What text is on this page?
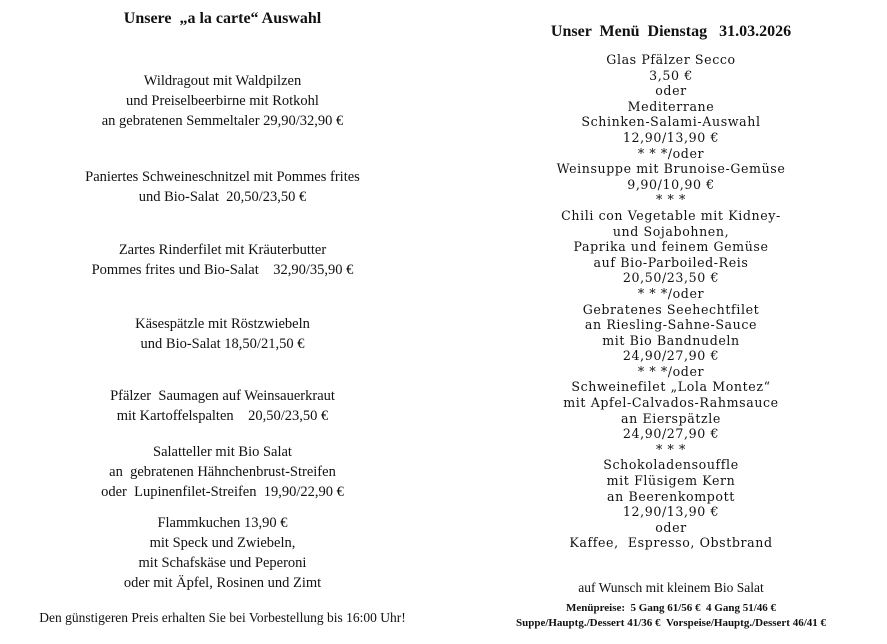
Unsere  „a la carte“ Auswahl
Wildragout mit Waldpilzen
und Preiselbeerbirne mit Rotkohl
an gebratenen Semmeltaler 29,90/32,90 €
Paniertes Schweineschnitzel mit Pommes frites
und Bio-Salat  20,50/23,50 €
Zartes Rinderfilet mit Kräuterbutter
Pommes frites und Bio-Salat    32,90/35,90 €
Käsespätzle mit Röstzwiebeln
und Bio-Salat 18,50/21,50 €
Pfälzer  Saumagen auf Weinsauerkraut
mit Kartoffelspalten    20,50/23,50 €
Salatteller mit Bio Salat
an  gebratenen Hähnchenbrust-Streifen
oder  Lupinenfilet-Streifen  19,90/22,90 €
Flammkuchen 13,90 €
mit Speck und Zwiebeln,
mit Schafskäse und Peperoni
oder mit Äpfel, Rosinen und Zimt
Den günstigeren Preis erhalten Sie bei Vorbestellung bis 16:00 Uhr!
Unser  Menü  Dienstag   31.03.2026
Glas Pfälzer Secco
3,50 €
oder
Mediterrane
Schinken-Salami-Auswahl
12,90/13,90 €
* * */oder
Weinsuppe mit Brunoise-Gemüse
9,90/10,90 €
* * *
Chili con Vegetable mit Kidney-
und Sojabohnen,
Paprika und feinem Gemüse
auf Bio-Parboiled-Reis
20,50/23,50 €
* * */oder
Gebratenes Seehechtfilet
an Riesling-Sahne-Sauce
mit Bio Bandnudeln
24,90/27,90 €
* * */oder
Schweinefilet „Lola Montez“
mit Apfel-Calvados-Rahmsauce
an Eierspätzle
24,90/27,90 €
* * *
Schokoladensouffle
mit Flüsigem Kern
an Beerenkompott
12,90/13,90 €
oder
Kaffee,  Espresso, Obstbrand
auf Wunsch mit kleinem Bio Salat
Menüpreise:  5 Gang 61/56 €  4 Gang 51/46 €
Suppe/Hauptg./Dessert 41/36 €  Vorspeise/Hauptg./Dessert 46/41 €
